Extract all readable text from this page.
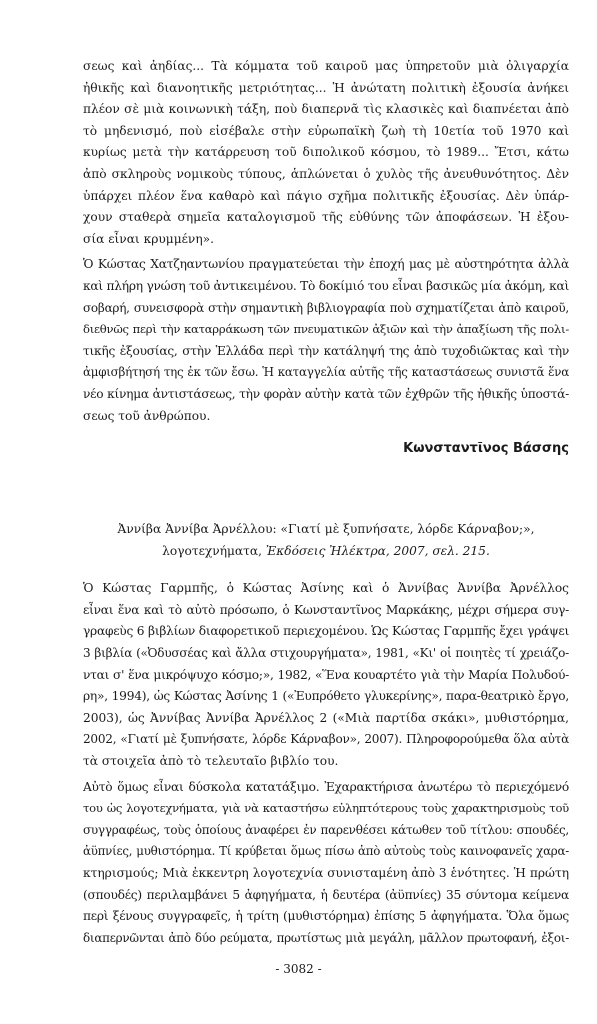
σεως καὶ ἀηδίας... Τὰ κόμματα τοῦ καιροῦ μας ὑπηρετοῦν μιὰ ὀλιγαρχία
ἠθικῆς καὶ διανοητικῆς μετριότητας... Ἡ ἀνώτατη πολιτικὴ ἐξουσία ἀνήκει
πλέον σὲ μιὰ κοινωνικὴ τάξη, ποὺ διαπερνᾶ τὶς κλασικὲς καὶ διαπνέεται ἀπὸ
τὸ μηδενισμό, ποὺ εἰσέβαλε στὴν εὐρωπαϊκὴ ζωὴ τὴ 10ετία τοῦ 1970 καὶ
κυρίως μετὰ τὴν κατάρρευση τοῦ διπολικοῦ κόσμου, τὸ 1989... Ἔτσι, κάτω
ἀπὸ σκληροὺς νομικοὺς τύπους, ἁπλώνεται ὁ χυλὸς τῆς ἀνευθυνότητος. Δὲν
ὑπάρχει πλέον ἕνα καθαρὸ καὶ πάγιο σχῆμα πολιτικῆς ἐξουσίας. Δὲν ὑπάρ-
χουν σταθερὰ σημεῖα καταλογισμοῦ τῆς εὐθύνης τῶν ἀποφάσεων. Ἡ ἐξου-
σία εἶναι κρυμμένη».
Ὁ Κώστας Χατζηαντωνίου πραγματεύεται τὴν ἐποχή μας μὲ αὐστηρότητα ἀλλὰ
καὶ πλήρη γνώση τοῦ ἀντικειμένου. Τὸ δοκίμιό του εἶναι βασικῶς μία ἀκόμη, καὶ
σοβαρή, συνεισφορὰ στὴν σημαντικὴ βιβλιογραφία ποὺ σχηματίζεται ἀπὸ καιροῦ,
διεθνῶς περὶ τὴν καταρράκωση τῶν πνευματικῶν ἀξιῶν καὶ τὴν ἀπαξίωση τῆς πολι-
τικῆς ἐξουσίας, στὴν Ἑλλάδα περὶ τὴν κατάληψή της ἀπὸ τυχοδιῶκτας καὶ τὴν
ἀμφισβήτησή της ἐκ τῶν ἔσω. Ἡ καταγγελία αὐτῆς τῆς καταστάσεως συνιστᾶ ἕνα
νέο κίνημα ἀντιστάσεως, τὴν φορὰν αὐτὴν κατὰ τῶν ἐχθρῶν τῆς ἠθικῆς ὑποστά-
σεως τοῦ ἀνθρώπου.
Κωνσταντῖνος Βάσσης
Ἀννίβα Ἀννίβα Ἀρνέλλου: «Γιατί μὲ ξυπνήσατε, λόρδε Κάρναβον;»,
λογοτεχνήματα, Ἐκδόσεις Ἠλέκτρα, 2007, σελ. 215.
Ὁ Κώστας Γαρμπῆς, ὁ Κώστας Ἀσίνης καὶ ὁ Ἀννίβας Ἀννίβα Ἀρνέλλος
εἶναι ἕνα καὶ τὸ αὐτὸ πρόσωπο, ὁ Κωνσταντῖνος Μαρκάκης, μέχρι σήμερα συγ-
γραφεὺς 6 βιβλίων διαφορετικοῦ περιεχομένου. Ὡς Κώστας Γαρμπῆς ἔχει γράψει
3 βιβλία («Ὀδυσσέας καὶ ἄλλα στιχουργήματα», 1981, «Κι' οἱ ποιητὲς τί χρειάζο-
νται σ' ἕνα μικρόψυχο κόσμο;», 1982, «Ἕνα κουαρτέτο γιὰ τὴν Μαρία Πολυδού-
ρη», 1994), ὡς Κώστας Ἀσίνης 1 («Ἐυπρόθετο γλυκερίνης», παρα-θεατρικὸ ἔργο,
2003), ὡς Ἀννίβας Ἀννίβα Ἀρνέλλος 2 («Μιὰ παρτίδα σκάκι», μυθιστόρημα,
2002, «Γιατί μὲ ξυπνήσατε, λόρδε Κάρναβον», 2007). Πληροφορούμεθα ὅλα αὐτὰ
τὰ στοιχεῖα ἀπὸ τὸ τελευταῖο βιβλίο του.
Αὐτὸ ὅμως εἶναι δύσκολα κατατάξιμο. Ἐχαρακτήρισα ἀνωτέρω τὸ περιεχόμενό
του ὡς λογοτεχνήματα, γιὰ νὰ καταστήσω εὐληπτότερους τοὺς χαρακτηρισμοὺς τοῦ
συγγραφέως, τοὺς ὁποίους ἀναφέρει ἐν παρενθέσει κάτωθεν τοῦ τίτλου: σπουδές,
ἀϋπνίες, μυθιστόρημα. Τί κρύβεται ὅμως πίσω ἀπὸ αὐτοὺς τοὺς καινοφανεῖς χαρα-
κτηρισμούς; Μιὰ ἐκκεντρη λογοτεχνία συνισταμένη ἀπὸ 3 ἑνότητες. Ἡ πρώτη
(σπουδές) περιλαμβάνει 5 ἀφηγήματα, ἡ δευτέρα (ἀϋπνίες) 35 σύντομα κείμενα
περὶ ξένους συγγραφεῖς, ἡ τρίτη (μυθιστόρημα) ἐπίσης 5 ἀφηγήματα. Ὅλα ὅμως
διαπερνῶνται ἀπὸ δύο ρεύματα, πρωτίστως μιὰ μεγάλη, μᾶλλον πρωτοφανή, ἐξοι-
- 3082 -
